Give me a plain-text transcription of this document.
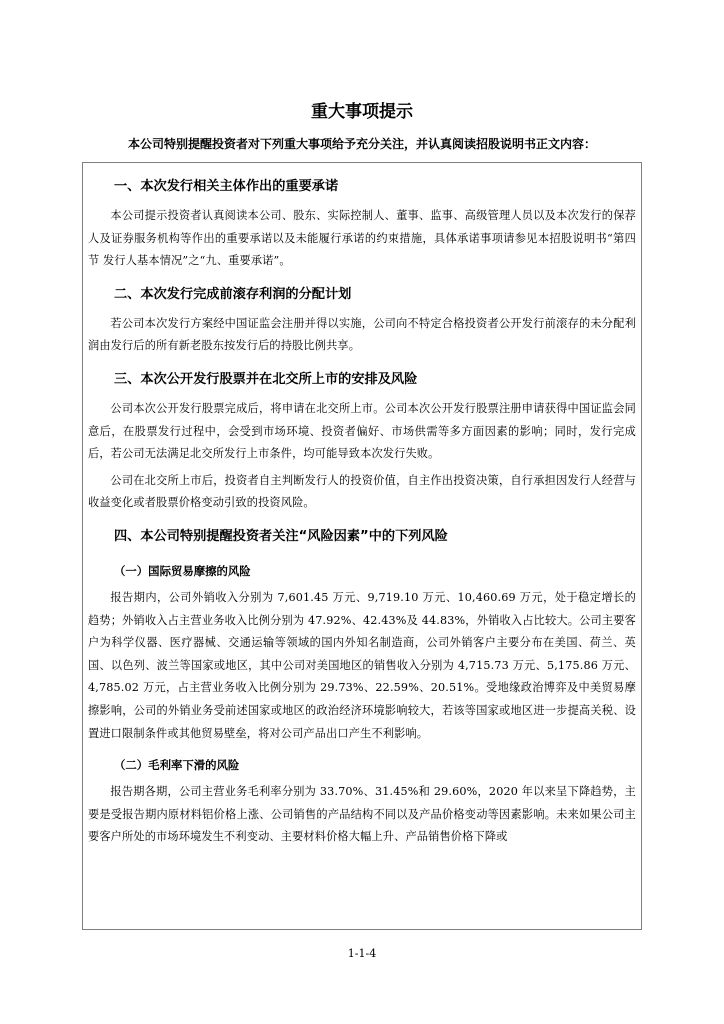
重大事项提示
本公司特别提醒投资者对下列重大事项给予充分关注，并认真阅读招股说明书正文内容：
一、本次发行相关主体作出的重要承诺

本公司提示投资者认真阅读本公司、股东、实际控制人、董事、监事、高级管理人员以及本次发行的保荐人及证券服务机构等作出的重要承诺以及未能履行承诺的约束措施，具体承诺事项请参见本招股说明书“第四节 发行人基本情况”之“九、重要承诺”。

二、本次发行完成前滚存利润的分配计划

若公司本次发行方案经中国证监会注册并得以实施，公司向不特定合格投资者公开发行前滚存的未分配利润由发行后的所有新老股东按发行后的持股比例共享。

三、本次公开发行股票并在北交所上市的安排及风险

公司本次公开发行股票完成后，将申请在北交所上市。公司本次公开发行股票注册申请获得中国证监会同意后，在股票发行过程中，会受到市场环境、投资者偏好、市场供需等多方面因素的影响；同时，发行完成后，若公司无法满足北交所发行上市条件，均可能导致本次发行失败。

公司在北交所上市后，投资者自主判断发行人的投资价值，自主作出投资决策，自行承担因发行人经营与收益变化或者股票价格变动引致的投资风险。

四、本公司特别提醒投资者关注“风险因素”中的下列风险
（一）国际贸易摩擦的风险

报告期内，公司外销收入分别为 7,601.45 万元、9,719.10 万元、10,460.69 万元，处于稳定增长的趋势；外销收入占主营业务收入比例分别为 47.92%、42.43%及 44.83%，外销收入占比较大。公司主要客户为科学仪器、医疗器械、交通运输等领域的国内外知名制造商，公司外销客户主要分布在美国、荷兰、英国、以色列、波兰等国家或地区，其中公司对美国地区的销售收入分别为 4,715.73 万元、5,175.86 万元、4,785.02 万元，占主营业务收入比例分别为 29.73%、22.59%、20.51%。受地缘政治博弈及中美贸易摩擦影响，公司的外销业务受前述国家或地区的政治经济环境影响较大，若该等国家或地区进一步提高关税、设置进口限制条件或其他贸易壁垒，将对公司产品出口产生不利影响。

（二）毛利率下滑的风险

报告期各期，公司主营业务毛利率分别为 33.70%、31.45%和 29.60%，2020 年以来呈下降趋势，主要是受报告期内原材料铝价格上涨、公司销售的产品结构不同以及产品价格变动等因素影响。未来如果公司主要客户所处的市场环境发生不利变动、主要材料价格大幅上升、产品销售价格下降或

1-1-4
